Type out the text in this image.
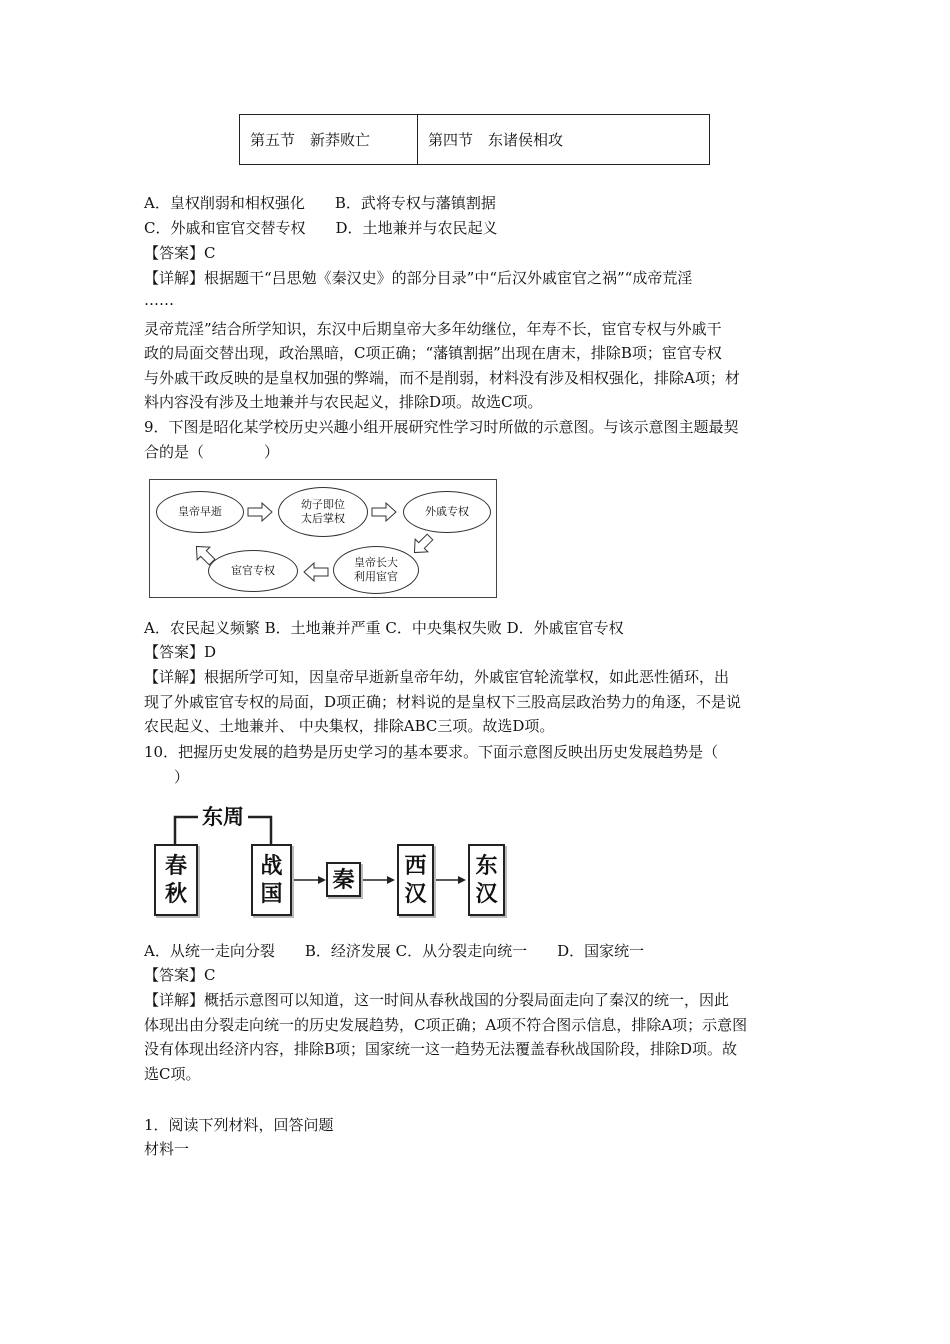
第五节　新莽败亡	第四节　东诸侯相攻
A．皇权削弱和相权强化　　B．武将专权与藩镇割据
C．外戚和宦官交替专权　　D．土地兼并与农民起义
【答案】C
【详解】根据题干“吕思勉《秦汉史》的部分目录”中“后汉外戚宦官之祸”“成帝荒淫
……
灵帝荒淫”结合所学知识，东汉中后期皇帝大多年幼继位，年寿不长，宦官专权与外戚干
政的局面交替出现，政治黑暗，C项正确；“藩镇割据”出现在唐末，排除B项；宦官专权
与外戚干政反映的是皇权加强的弊端，而不是削弱，材料没有涉及相权强化，排除A项；材
料内容没有涉及土地兼并与农民起义，排除D项。故选C项。
9．下图是昭化某学校历史兴趣小组开展研究性学习时所做的示意图。与该示意图主题最契
合的是（　　　　）
皇帝早逝
幼子即位
太后掌权
外戚专权
皇帝长大
利用宦官
宦官专权
A．农民起义频繁 B．土地兼并严重 C．中央集权失败 D．外戚宦官专权
【答案】D
【详解】根据所学可知，因皇帝早逝新皇帝年幼，外戚宦官轮流掌权，如此恶性循环，出
现了外戚宦官专权的局面，D项正确；材料说的是皇权下三股高层政治势力的角逐，不是说
农民起义、土地兼并、 中央集权，排除ABC三项。故选D项。
10．把握历史发展的趋势是历史学习的基本要求。下面示意图反映出历史发展趋势是（
　　）
东周
春
秋
战
国
秦
西
汉
东
汉
A．从统一走向分裂　　B．经济发展 C．从分裂走向统一　　D．国家统一
【答案】C
【详解】概括示意图可以知道，这一时间从春秋战国的分裂局面走向了秦汉的统一，因此
体现出由分裂走向统一的历史发展趋势，C项正确；A项不符合图示信息，排除A项；示意图
没有体现出经济内容，排除B项；国家统一这一趋势无法覆盖春秋战国阶段，排除D项。故
选C项。
1．阅读下列材料，回答问题
材料一
